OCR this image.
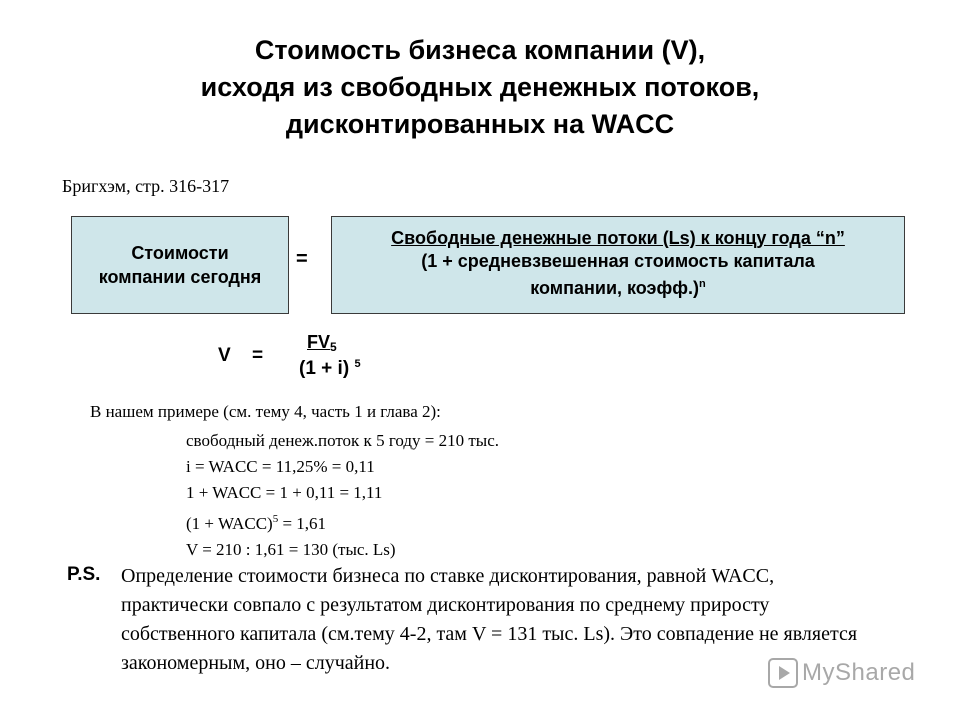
Стоимость бизнеса компании (V),
исходя из свободных денежных потоков,
дисконтированных на WACC
Бригхэм, стр. 316-317
Стоимости
компании сегодня
=
Свободные денежные потоки (Ls) к концу года “n”
(1 + средневзвешенная стоимость капитала
компании, коэфф.)$^n$
V =
$FV_5$
(1 + i) $^5$
В нашем примере (см. тему 4, часть 1 и глава 2):
свободный денеж.поток к 5 году = 210 тыс.
i = WACC = 11,25% = 0,11
1 + WACC = 1 + 0,11 = 1,11
(1 + WACC)$^5$ = 1,61
V = 210 : 1,61 = 130 (тыс. Ls)
P.S. Определение стоимости бизнеса по ставке дисконтирования, равной WACC, практически совпало с результатом дисконтирования по среднему приросту собственного капитала (см.тему 4-2, там V = 131 тыс. Ls). Это совпадение не является закономерным, оно – случайно.	MyShared
